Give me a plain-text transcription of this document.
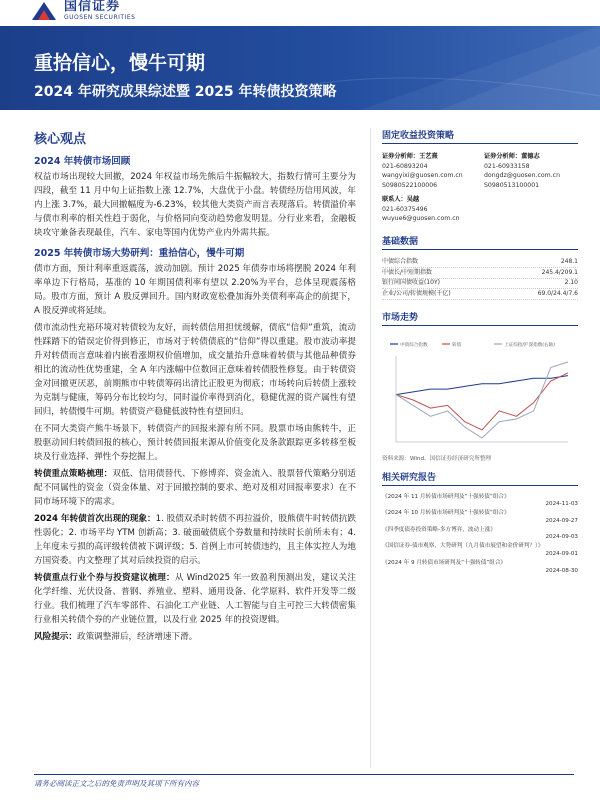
国信证券
GUOSEN SECURITIES
重拾信心，慢牛可期
2024 年研究成果综述暨 2025 年转债投资策略
核心观点
2024 年转债市场回顾

权益市场出现较大回撤，2024 年权益市场先熊后牛振幅较大，指数行情可主要分为四段，截至 11 月中旬上证指数上涨 12.7%，大盘优于小盘。转债经历信用风波，年内上涨 3.7%，最大回撤幅度为-6.23%，较其他大类资产而言表现落后。转债溢价率与债市利率的相关性趋于弱化，与价格同向变动趋势愈发明显。分行业来看，金融板块攻守兼备表现最佳，汽车、家电等国内优势产业内外需共振。

2025 年转债市场大势研判：重拾信心，慢牛可期

债市方面，预计利率重返震荡，波动加剧。预计 2025 年债券市场将摆脱 2024 年利率单边下行格局，基准的 10 年期国债利率有望以 2.20%为平台，总体呈现震荡格局。股市方面，预计 A 股反弹回升。国内财政宽松叠加海外美债利率高企的前提下，A 股反弹或将延续。

债市流动性充裕环境对转债较为友好，而转债信用担忧缓解，债底“信仰”重筑，流动性踩踏下的错误定价得到修正，市场对于转债债底的“信仰”得以重建。股市波动率提升对转债而言意味着内嵌看涨期权价值增加，成交量抬升意味着转债与其他品种债券相比的流动性优势重建，全 A 年内涨幅中位数回正意味着转债股性修复。由于转债资金对回撤更厌恶，前期熊市中转债筹码出清比正股更为彻底；市场转向后转债上涨较为克制与健康，筹码分布比较均匀，同时溢价率得到消化，稳健优渥的资产属性有望回归，转债慢牛可期。转债资产稳健低波特性有望回归。

在不同大类资产熊牛场景下，转债资产的回报来源有所不同。股票市场由熊转牛，正股驱动回归转债回报的核心，预计转债回报来源从价值变化及条款跟踪更多转移至板块及行业选择、弹性个券挖掘上。

转债重点策略梳理：双低、信用债替代、下修博弈、资金流入、股票替代策略分别适配不同属性的资金（资金体量、对于回撤控制的要求、绝对及相对回报率要求）在不同市场环境下的需求。

2024 年转债首次出现的现象：1. 股债双杀时转债不再拉溢价，股熊债牛时转债抗跌性弱化；2. 市场平均 YTM 创新高；3. 破面破债底个券数量和持续时长前所未有；4. 上年度未亏损的高评级转债被下调评级；5. 首例上市可转债违约，且主体实控人为地方国资委。内文整理了其对后续投资的启示。

转债重点行业个券与投资建议梳理：从 Wind2025 年一致盈利预测出发，建议关注化学纤维、光伏设备、普钢、养殖业、塑料、通用设备、化学原料、软件开发等二级行业。我们梳理了汽车零部件、石油化工产业链、人工智能与自主可控三大转债密集行业相关转债个券的产业链位置，以及行业 2025 年的投资逻辑。

风险提示：政策调整滞后，经济增速下滑。

固定收益投资策略
证券分析师：王艺熹
021-60893204
wangyixi@guosen.com.cn
S0980522100006
证券分析师：董德志
021-60933158
dongdz@guosen.com.cn
S0980513100001
联系人：吴越
021-60375496
wuyue6@guosen.com.cn
基础数据
中债综合指数	248.1
中债长/中短期指数	245.4/209.1
银行间国债收益(10Y)	2.10
企业/公司/转债规模(千亿)	69.0/24.4/7.6
市场走势
中债综合指数	转债	上证综指/沪深指数(右轴)
资料来源：Wind、国信证券经济研究所整理
相关研究报告
《2024 年 11 月转债市场研判及“十强转债”组合》
2024-11-03
《2024 年 10 月转债市场研判及“十强转债”组合》
2024-09-27
《四季度债券投资策略-多方博弈，波动上涨》
2024-09-03
《国信证券-债市观察，大势研判（九月债市展望和金价研判？）》
2024-09-01
《2024 年 9 月转债市场研判及“十强转债”组合》
2024-08-30
请务必阅读正文之后的免责声明及其项下所有内容
